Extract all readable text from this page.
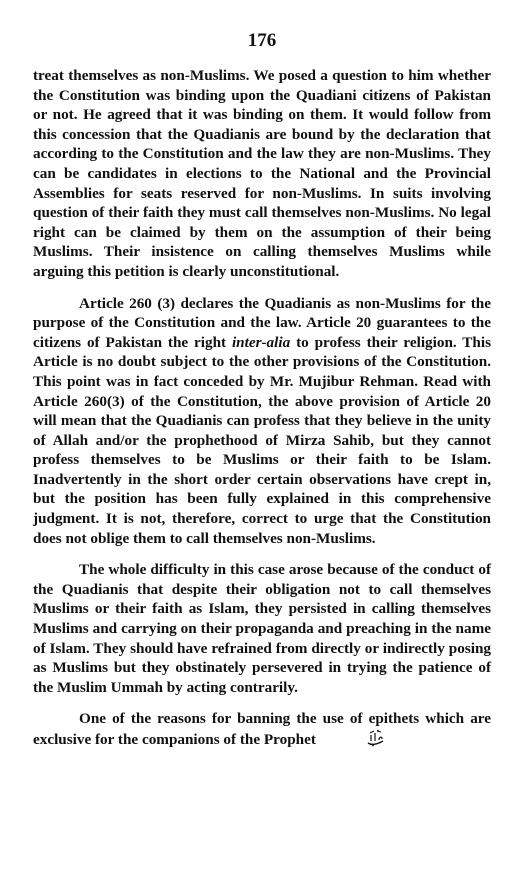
176

treat themselves as non-Muslims. We posed a question to him whether the Constitution was binding upon the Quadiani citizens of Pakistan or not. He agreed that it was binding on them. It would follow from this concession that the Quadianis are bound by the declaration that according to the Constitution and the law they are non-Muslims. They can be candidates in elections to the National and the Provincial Assemblies for seats reserved for non-Muslims. In suits involving question of their faith they must call themselves non-Muslims. No legal right can be claimed by them on the assumption of their being Muslims. Their insistence on calling themselves Muslims while arguing this petition is clearly unconstitutional.

Article 260 (3) declares the Quadianis as non-Muslims for the purpose of the Constitution and the law. Article 20 guarantees to the citizens of Pakistan the right inter-alia to profess their religion. This Article is no doubt subject to the other provisions of the Constitution. This point was in fact conceded by Mr. Mujibur Rehman. Read with Article 260(3) of the Constitution, the above provision of Article 20 will mean that the Quadianis can profess that they believe in the unity of Allah and/or the prophethood of Mirza Sahib, but they cannot profess themselves to be Muslims or their faith to be Islam. Inadvertently in the short order certain observations have crept in, but the position has been fully explained in this comprehensive judgment. It is not, therefore, correct to urge that the Constitution does not oblige them to call themselves non-Muslims.

The whole difficulty in this case arose because of the conduct of the Quadianis that despite their obligation not to call themselves Muslims or their faith as Islam, they persisted in calling themselves Muslims and carrying on their propaganda and preaching in the name of Islam. They should have refrained from directly or indirectly posing as Muslims but they obstinately persevered in trying the patience of the Muslim Ummah by acting contrarily.

One of the reasons for banning the use of epithets which are exclusive for the companions of the Prophet
